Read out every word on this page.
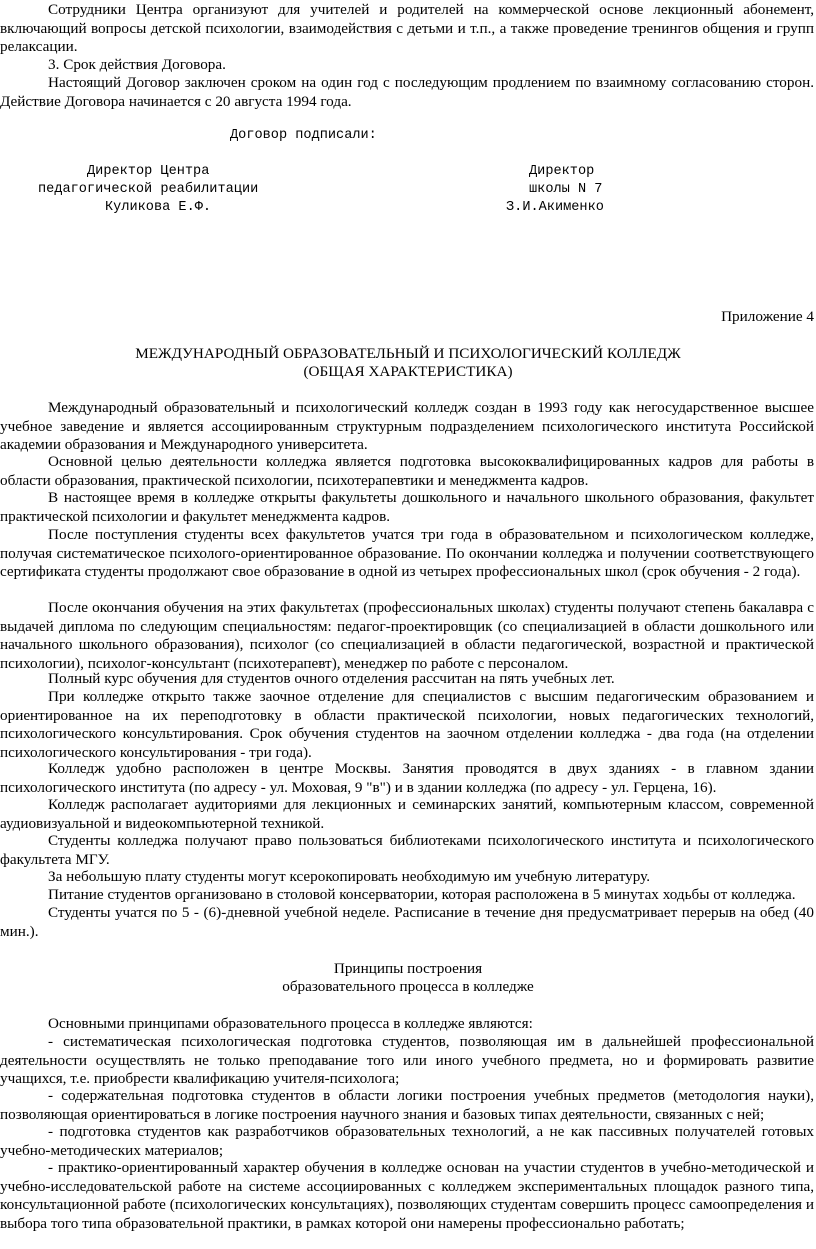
Сотрудники Центра организуют для учителей и родителей на коммерческой основе лекционный абонемент, включающий вопросы детской психологии, взаимодействия с детьми и т.п., а также проведение тренингов общения и групп релаксации.

3. Срок действия Договора.

Настоящий Договор заключен сроком на один год с последующим продлением по взаимному согласованию сторон. Действие Договора начинается с 20 августа 1994 года.

Договор подписали:

Директор Центра

педагогической реабилитации

Куликова Е.Ф.

Директор

школы N 7

З.И.Акименко

Приложение 4

МЕЖДУНАРОДНЫЙ ОБРАЗОВАТЕЛЬНЫЙ И ПСИХОЛОГИЧЕСКИЙ КОЛЛЕДЖ

(ОБЩАЯ ХАРАКТЕРИСТИКА)

Международный образовательный и психологический колледж создан в 1993 году как негосударственное высшее учебное заведение и является ассоциированным структурным подразделением психологического института Российской академии образования и Международного университета.

Основной целью деятельности колледжа является подготовка высококвалифицированных кадров для работы в области образования, практической психологии, психотерапевтики и менеджмента кадров.

В настоящее время в колледже открыты факультеты дошкольного и начального школьного образования, факультет практической психологии и факультет менеджмента кадров.

После поступления студенты всех факультетов учатся три года в образовательном и психологическом колледже, получая систематическое психолого-ориентированное образование. По окончании колледжа и получении соответствующего сертификата студенты продолжают свое образование в одной из четырех профессиональных школ (срок обучения - 2 года).

После окончания обучения на этих факультетах (профессиональных школах) студенты получают степень бакалавра с выдачей диплома по следующим специальностям: педагог-проектировщик (со специализацией в области дошкольного или начального школьного образования), психолог (со специализацией в области педагогической, возрастной и практической психологии), психолог-консультант (психотерапевт), менеджер по работе с персоналом.

Полный курс обучения для студентов очного отделения рассчитан на пять учебных лет.

При колледже открыто также заочное отделение для специалистов с высшим педагогическим образованием и ориентированное на их переподготовку в области практической психологии, новых педагогических технологий, психологического консультирования. Срок обучения студентов на заочном отделении колледжа - два года (на отделении психологического консультирования - три года).

Колледж удобно расположен в центре Москвы. Занятия проводятся в двух зданиях - в главном здании психологического института (по адресу - ул. Моховая, 9 "в") и в здании колледжа (по адресу - ул. Герцена, 16).

Колледж располагает аудиториями для лекционных и семинарских занятий, компьютерным классом, современной аудиовизуальной и видеокомпьютерной техникой.

Студенты колледжа получают право пользоваться библиотеками психологического института и психологического факультета МГУ.

За небольшую плату студенты могут ксерокопировать необходимую им учебную литературу.

Питание студентов организовано в столовой консерватории, которая расположена в 5 минутах ходьбы от колледжа.

Студенты учатся по 5 - (6)-дневной учебной неделе. Расписание в течение дня предусматривает перерыв на обед (40 мин.).

Принципы построения

образовательного процесса в колледже

Основными принципами образовательного процесса в колледже являются:

- систематическая психологическая подготовка студентов, позволяющая им в дальнейшей профессиональной деятельности осуществлять не только преподавание того или иного учебного предмета, но и формировать развитие учащихся, т.е. приобрести квалификацию учителя-психолога;

- содержательная подготовка студентов в области логики построения учебных предметов (методология науки), позволяющая ориентироваться в логике построения научного знания и базовых типах деятельности, связанных с ней;

- подготовка студентов как разработчиков образовательных технологий, а не как пассивных получателей готовых учебно-методических материалов;

- практико-ориентированный характер обучения в колледже основан на участии студентов в учебно-методической и учебно-исследовательской работе на системе ассоциированных с колледжем экспериментальных площадок разного типа, консультационной работе (психологических консультациях), позволяющих студентам совершить процесс самоопределения и выбора того типа образовательной практики, в рамках которой они намерены профессионально работать;
